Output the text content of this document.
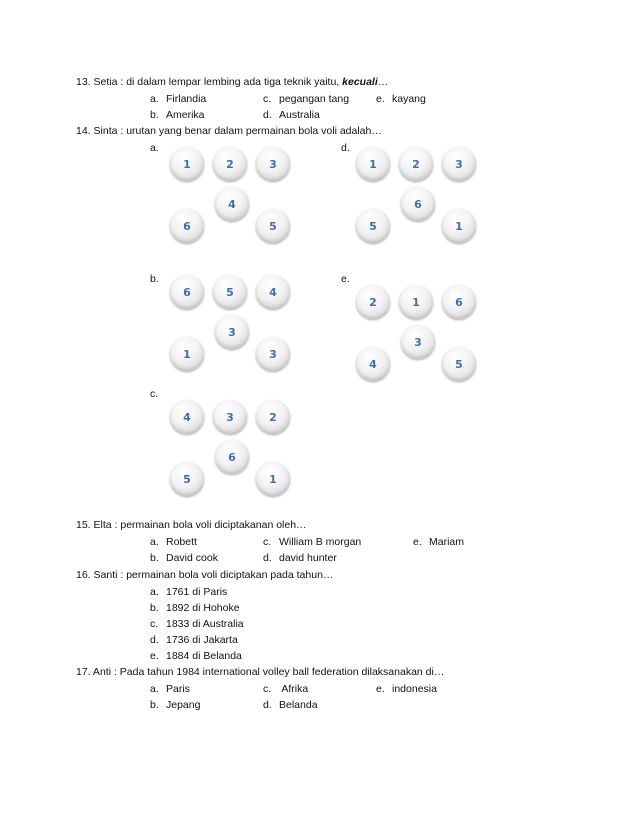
13. Setia : di dalam lempar lembing ada tiga teknik yaitu, kecuali…
a. Firlandia	c. pegangan tang	e. kayang
b. Amerika	d. Australia
14. Sinta : urutan yang benar dalam permainan bola voli adalah…
a.	d.
b.	e.
c.
1	2	3
4
6	5
1	2	3
6
5	1
6	5	4
3
1	3
2	1	6
3
4	5
4	3	2
6
5	1
15. Elta : permainan bola voli diciptakanan oleh…
a. Robett	c. William B morgan	e. Mariam
b. David cook	d. david hunter
16. Santi : permainan bola voli diciptakan pada tahun…
a. 1761 di Paris
b. 1892 di Hohoke
c. 1833 di Australia
d. 1736 di Jakarta
e. 1884 di Belanda
17. Anti : Pada tahun 1984 international volley ball federation dilaksanakan di…
a. Paris	c. Afrika	e. indonesia
b. Jepang	d. Belanda
